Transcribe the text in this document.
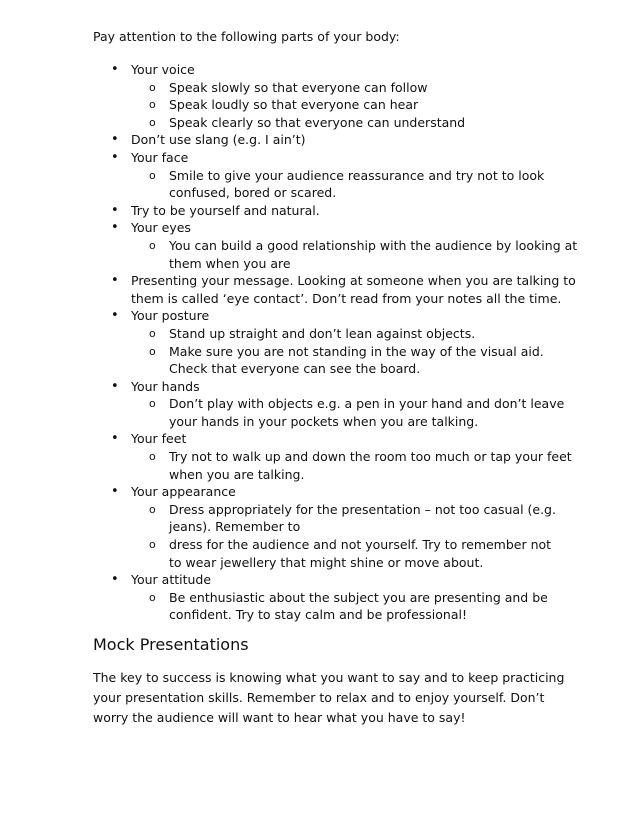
Pay attention to the following parts of your body:
• Your voice
o Speak slowly so that everyone can follow
o Speak loudly so that everyone can hear
o Speak clearly so that everyone can understand
• Don’t use slang (e.g. I ain’t)
• Your face
o Smile to give your audience reassurance and try not to look
confused, bored or scared.
• Try to be yourself and natural.
• Your eyes
o You can build a good relationship with the audience by looking at
them when you are
• Presenting your message. Looking at someone when you are talking to
them is called ‘eye contact’. Don’t read from your notes all the time.
• Your posture
o Stand up straight and don’t lean against objects.
o Make sure you are not standing in the way of the visual aid.
Check that everyone can see the board.
• Your hands
o Don’t play with objects e.g. a pen in your hand and don’t leave
your hands in your pockets when you are talking.
• Your feet
o Try not to walk up and down the room too much or tap your feet
when you are talking.
• Your appearance
o Dress appropriately for the presentation – not too casual (e.g.
jeans). Remember to
o dress for the audience and not yourself. Try to remember not
to wear jewellery that might shine or move about.
• Your attitude
o Be enthusiastic about the subject you are presenting and be
confident. Try to stay calm and be professional!
Mock Presentations
The key to success is knowing what you want to say and to keep practicing
your presentation skills. Remember to relax and to enjoy yourself. Don’t
worry the audience will want to hear what you have to say!
